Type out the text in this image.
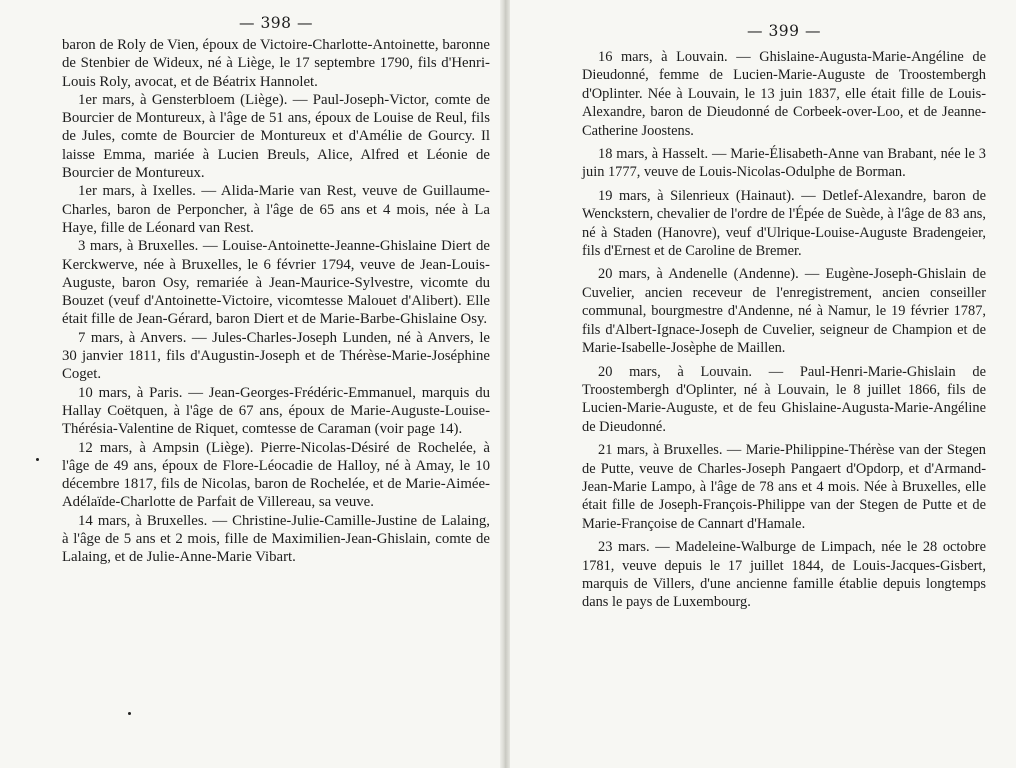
— 398 —

baron de Roly de Vien, époux de Victoire-Charlotte-Antoinette, baronne de Stenbier de Wideux, né à Liège, le 17 septembre 1790, fils d'Henri-Louis Roly, avocat, et de Béatrix Hannolet.

1er mars, à Gensterbloem (Liège). — Paul-Joseph-Victor, comte de Bourcier de Montureux, à l'âge de 51 ans, époux de Louise de Reul, fils de Jules, comte de Bourcier de Montureux et d'Amélie de Gourcy. Il laisse Emma, mariée à Lucien Breuls, Alice, Alfred et Léonie de Bourcier de Montureux.

1er mars, à Ixelles. — Alida-Marie van Rest, veuve de Guillaume-Charles, baron de Perponcher, à l'âge de 65 ans et 4 mois, née à La Haye, fille de Léonard van Rest.

3 mars, à Bruxelles. — Louise-Antoinette-Jeanne-Ghislaine Diert de Kerckwerve, née à Bruxelles, le 6 février 1794, veuve de Jean-Louis-Auguste, baron Osy, remariée à Jean-Maurice-Sylvestre, vicomte du Bouzet (veuf d'Antoinette-Victoire, vicomtesse Malouet d'Alibert). Elle était fille de Jean-Gérard, baron Diert et de Marie-Barbe-Ghislaine Osy.

7 mars, à Anvers. — Jules-Charles-Joseph Lunden, né à Anvers, le 30 janvier 1811, fils d'Augustin-Joseph et de Thérèse-Marie-Joséphine Coget.

10 mars, à Paris. — Jean-Georges-Frédéric-Emmanuel, marquis du Hallay Coëtquen, à l'âge de 67 ans, époux de Marie-Auguste-Louise-Thérésia-Valentine de Riquet, comtesse de Caraman (voir page 14).

12 mars, à Ampsin (Liège). Pierre-Nicolas-Désiré de Rochelée, à l'âge de 49 ans, époux de Flore-Léocadie de Halloy, né à Amay, le 10 décembre 1817, fils de Nicolas, baron de Rochelée, et de Marie-Aimée-Adélaïde-Charlotte de Parfait de Villereau, sa veuve.

14 mars, à Bruxelles. — Christine-Julie-Camille-Justine de Lalaing, à l'âge de 5 ans et 2 mois, fille de Maximilien-Jean-Ghislain, comte de Lalaing, et de Julie-Anne-Marie Vibart.

— 399 —

16 mars, à Louvain. — Ghislaine-Augusta-Marie-Angéline de Dieudonné, femme de Lucien-Marie-Auguste de Troostembergh d'Oplinter. Née à Louvain, le 13 juin 1837, elle était fille de Louis-Alexandre, baron de Dieudonné de Corbeek-over-Loo, et de Jeanne-Catherine Joostens.

18 mars, à Hasselt. — Marie-Élisabeth-Anne van Brabant, née le 3 juin 1777, veuve de Louis-Nicolas-Odulphe de Borman.

19 mars, à Silenrieux (Hainaut). — Detlef-Alexandre, baron de Wenckstern, chevalier de l'ordre de l'Épée de Suède, à l'âge de 83 ans, né à Staden (Hanovre), veuf d'Ulrique-Louise-Auguste Bradengeier, fils d'Ernest et de Caroline de Bremer.

20 mars, à Andenelle (Andenne). — Eugène-Joseph-Ghislain de Cuvelier, ancien receveur de l'enregistrement, ancien conseiller communal, bourgmestre d'Andenne, né à Namur, le 19 février 1787, fils d'Albert-Ignace-Joseph de Cuvelier, seigneur de Champion et de Marie-Isabelle-Josèphe de Maillen.

20 mars, à Louvain. — Paul-Henri-Marie-Ghislain de Troostembergh d'Oplinter, né à Louvain, le 8 juillet 1866, fils de Lucien-Marie-Auguste, et de feu Ghislaine-Augusta-Marie-Angéline de Dieudonné.

21 mars, à Bruxelles. — Marie-Philippine-Thérèse van der Stegen de Putte, veuve de Charles-Joseph Pangaert d'Opdorp, et d'Armand-Jean-Marie Lampo, à l'âge de 78 ans et 4 mois. Née à Bruxelles, elle était fille de Joseph-François-Philippe van der Stegen de Putte et de Marie-Françoise de Cannart d'Hamale.

23 mars. — Madeleine-Walburge de Limpach, née le 28 octobre 1781, veuve depuis le 17 juillet 1844, de Louis-Jacques-Gisbert, marquis de Villers, d'une ancienne famille établie depuis longtemps dans le pays de Luxembourg.
